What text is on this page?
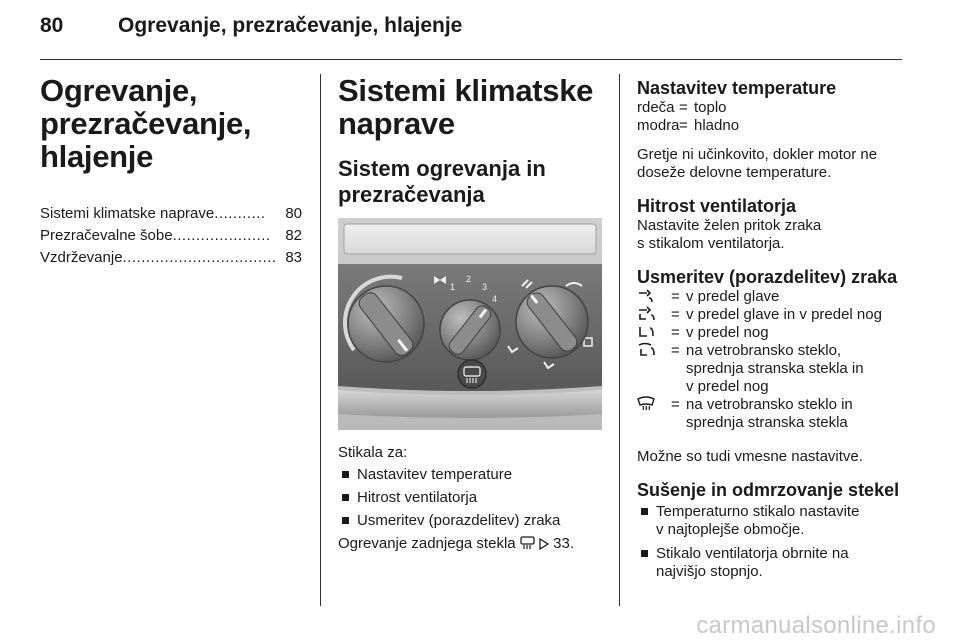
80	Ogrevanje, prezračevanje, hlajenje
Ogrevanje,
prezračevanje,
hlajenje
Sistemi klimatske naprave ...........	80
Prezračevalne šobe ..................... 82
Vzdrževanje ................................. 83
Sistemi klimatske
naprave
Sistem ogrevanja in
prezračevanja
1
2
3
4

Stikala za:

Nastavitev temperature
Hitrost ventilatorja
Usmeritev (porazdelitev) zraka

Ogrevanje zadnjega stekla	33.

Nastavitev temperature
rdeča = toplo
modra = hladno

Gretje ni učinkovito, dokler motor ne
doseže delovne temperature.

Hitrost ventilatorja

Nastavite želen pritok zraka
s stikalom ventilatorja.

Usmeritev (porazdelitev) zraka
= v predel glave
= v predel glave in v predel nog
= v predel nog
= na vetrobransko steklo,
sprednja stranska stekla in
v predel nog
= na vetrobransko steklo in
sprednja stranska stekla

Možne so tudi vmesne nastavitve.

Sušenje in odmrzovanje stekel
Temperaturno stikalo nastavite
v najtoplejše območje.
Stikalo ventilatorja obrnite na
najvišjo stopnjo.
carmanualsonline.info
